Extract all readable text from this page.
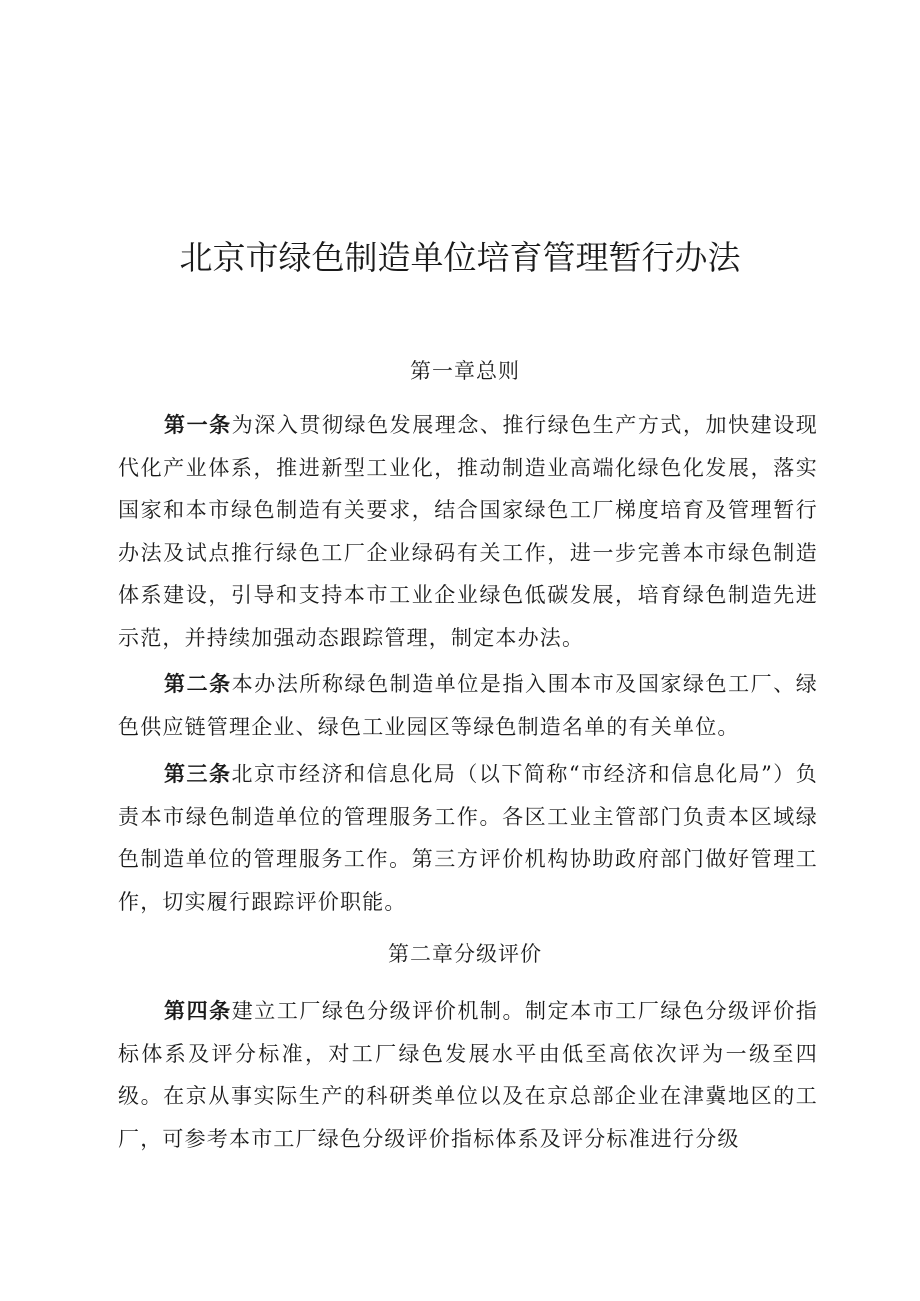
北京市绿色制造单位培育管理暂行办法
第一章总则

第一条为深入贯彻绿色发展理念、推行绿色生产方式，加快建设现代化产业体系，推进新型工业化，推动制造业高端化绿色化发展，落实国家和本市绿色制造有关要求，结合国家绿色工厂梯度培育及管理暂行办法及试点推行绿色工厂企业绿码有关工作，进一步完善本市绿色制造体系建设，引导和支持本市工业企业绿色低碳发展，培育绿色制造先进示范，并持续加强动态跟踪管理，制定本办法。

第二条本办法所称绿色制造单位是指入围本市及国家绿色工厂、绿色供应链管理企业、绿色工业园区等绿色制造名单的有关单位。

第三条北京市经济和信息化局（以下简称“市经济和信息化局”）负责本市绿色制造单位的管理服务工作。各区工业主管部门负责本区域绿色制造单位的管理服务工作。第三方评价机构协助政府部门做好管理工作，切实履行跟踪评价职能。

第二章分级评价

第四条建立工厂绿色分级评价机制。制定本市工厂绿色分级评价指标体系及评分标准，对工厂绿色发展水平由低至高依次评为一级至四级。在京从事实际生产的科研类单位以及在京总部企业在津冀地区的工厂，可参考本市工厂绿色分级评价指标体系及评分标准进行分级
